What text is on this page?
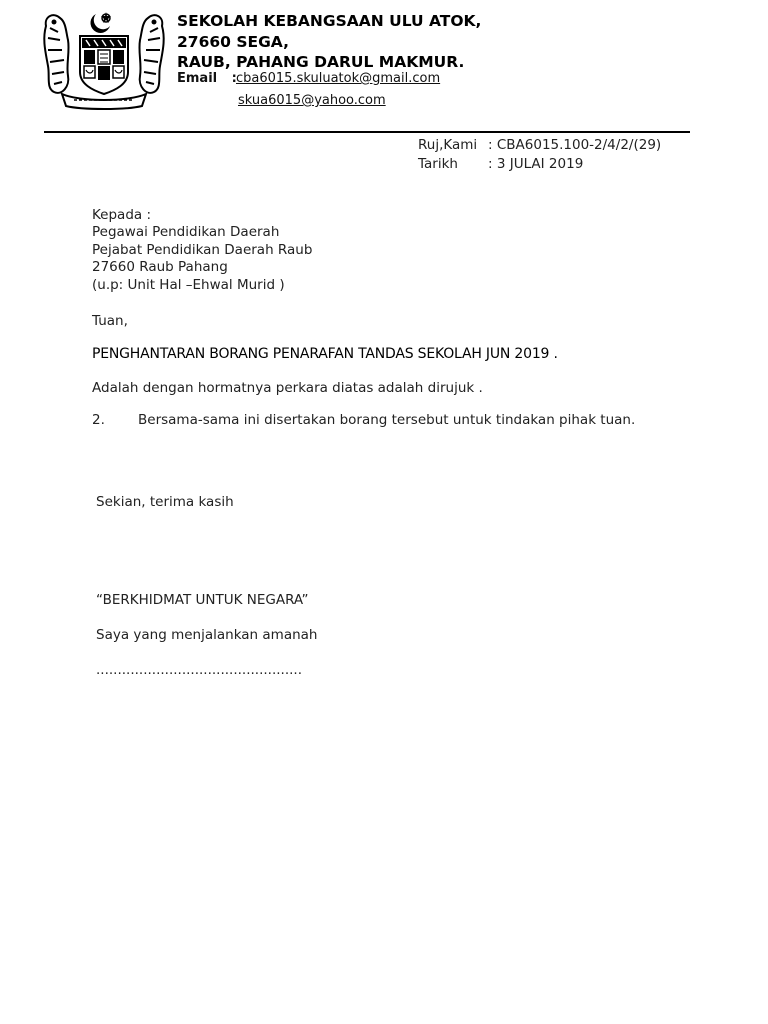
SEKOLAH KEBANGSAAN ULU ATOK,
27660 SEGA,
RAUB, PAHANG DARUL MAKMUR.
Email : cba6015.skuluatok@gmail.com
skua6015@yahoo.com
Ruj,Kami : CBA6015.100-2/4/2/(29)
Tarikh : 3 JULAI 2019
Kepada :
Pegawai Pendidikan Daerah
Pejabat Pendidikan Daerah Raub
27660 Raub Pahang
(u.p: Unit Hal –Ehwal Murid )
Tuan,
PENGHANTARAN BORANG PENARAFAN TANDAS SEKOLAH JUN 2019 .
Adalah dengan hormatnya perkara diatas adalah dirujuk .
2. Bersama-sama ini disertakan borang tersebut untuk tindakan pihak tuan.
Sekian, terima kasih
“BERKHIDMAT UNTUK NEGARA”
Saya yang menjalankan amanah
................................................
